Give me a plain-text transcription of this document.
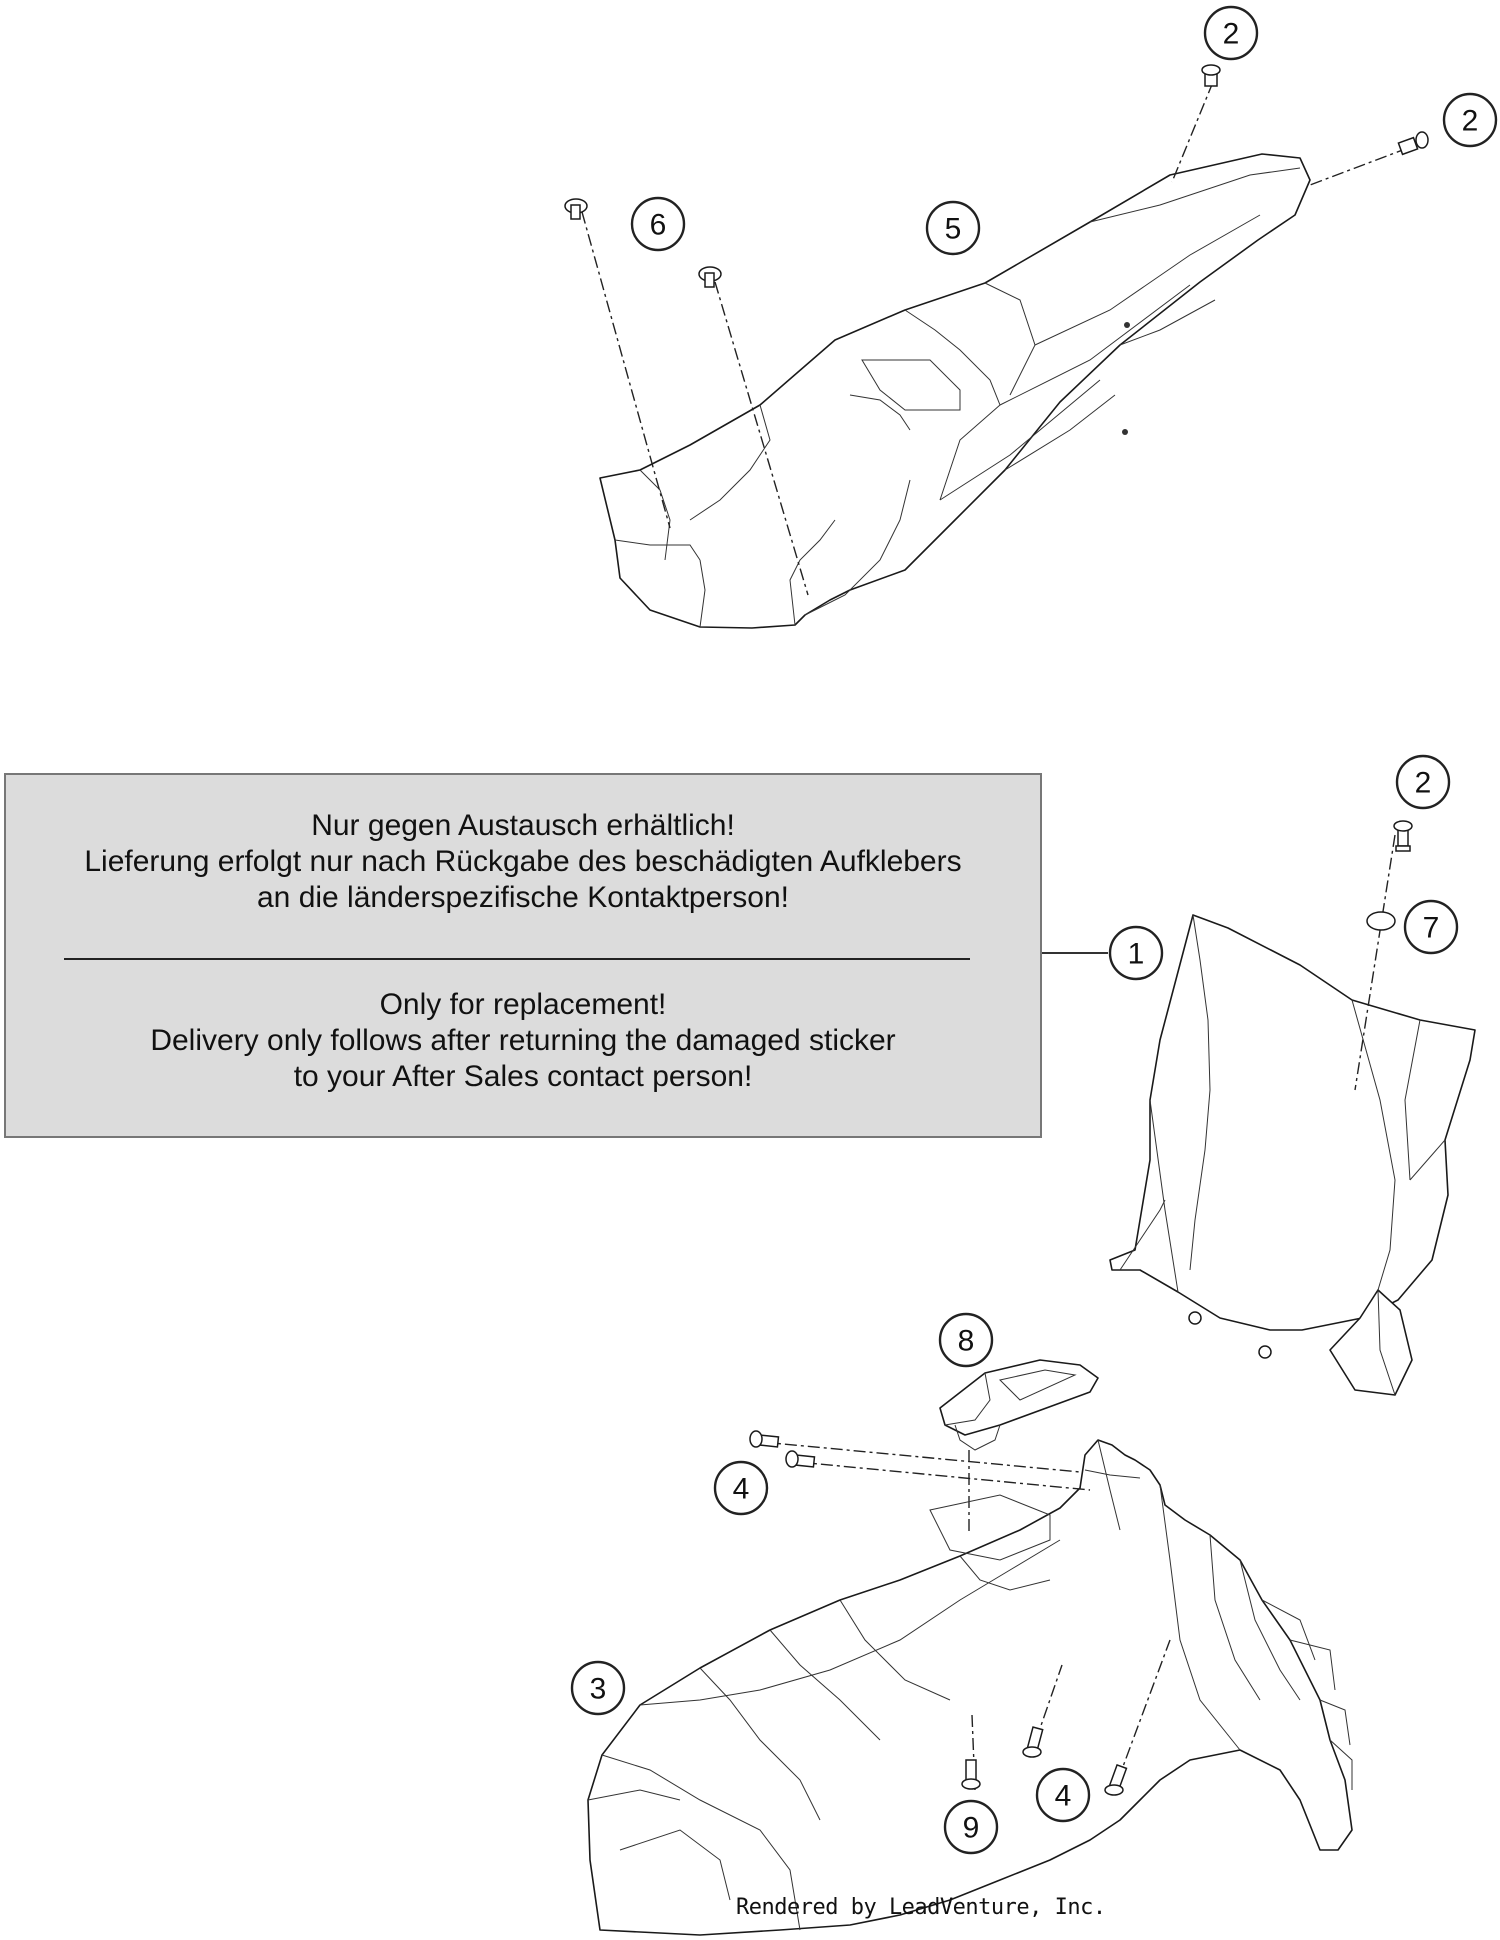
2
2
6	5
2
7
1
8
4
3
4
9
Nur gegen Austausch erhältlich!
Lieferung erfolgt nur nach Rückgabe des beschädigten Aufklebers
an die länderspezifische Kontaktperson!
Only for replacement!
Delivery only follows after returning the damaged sticker
to your After Sales contact person!
Rendered by LeadVenture, Inc.
